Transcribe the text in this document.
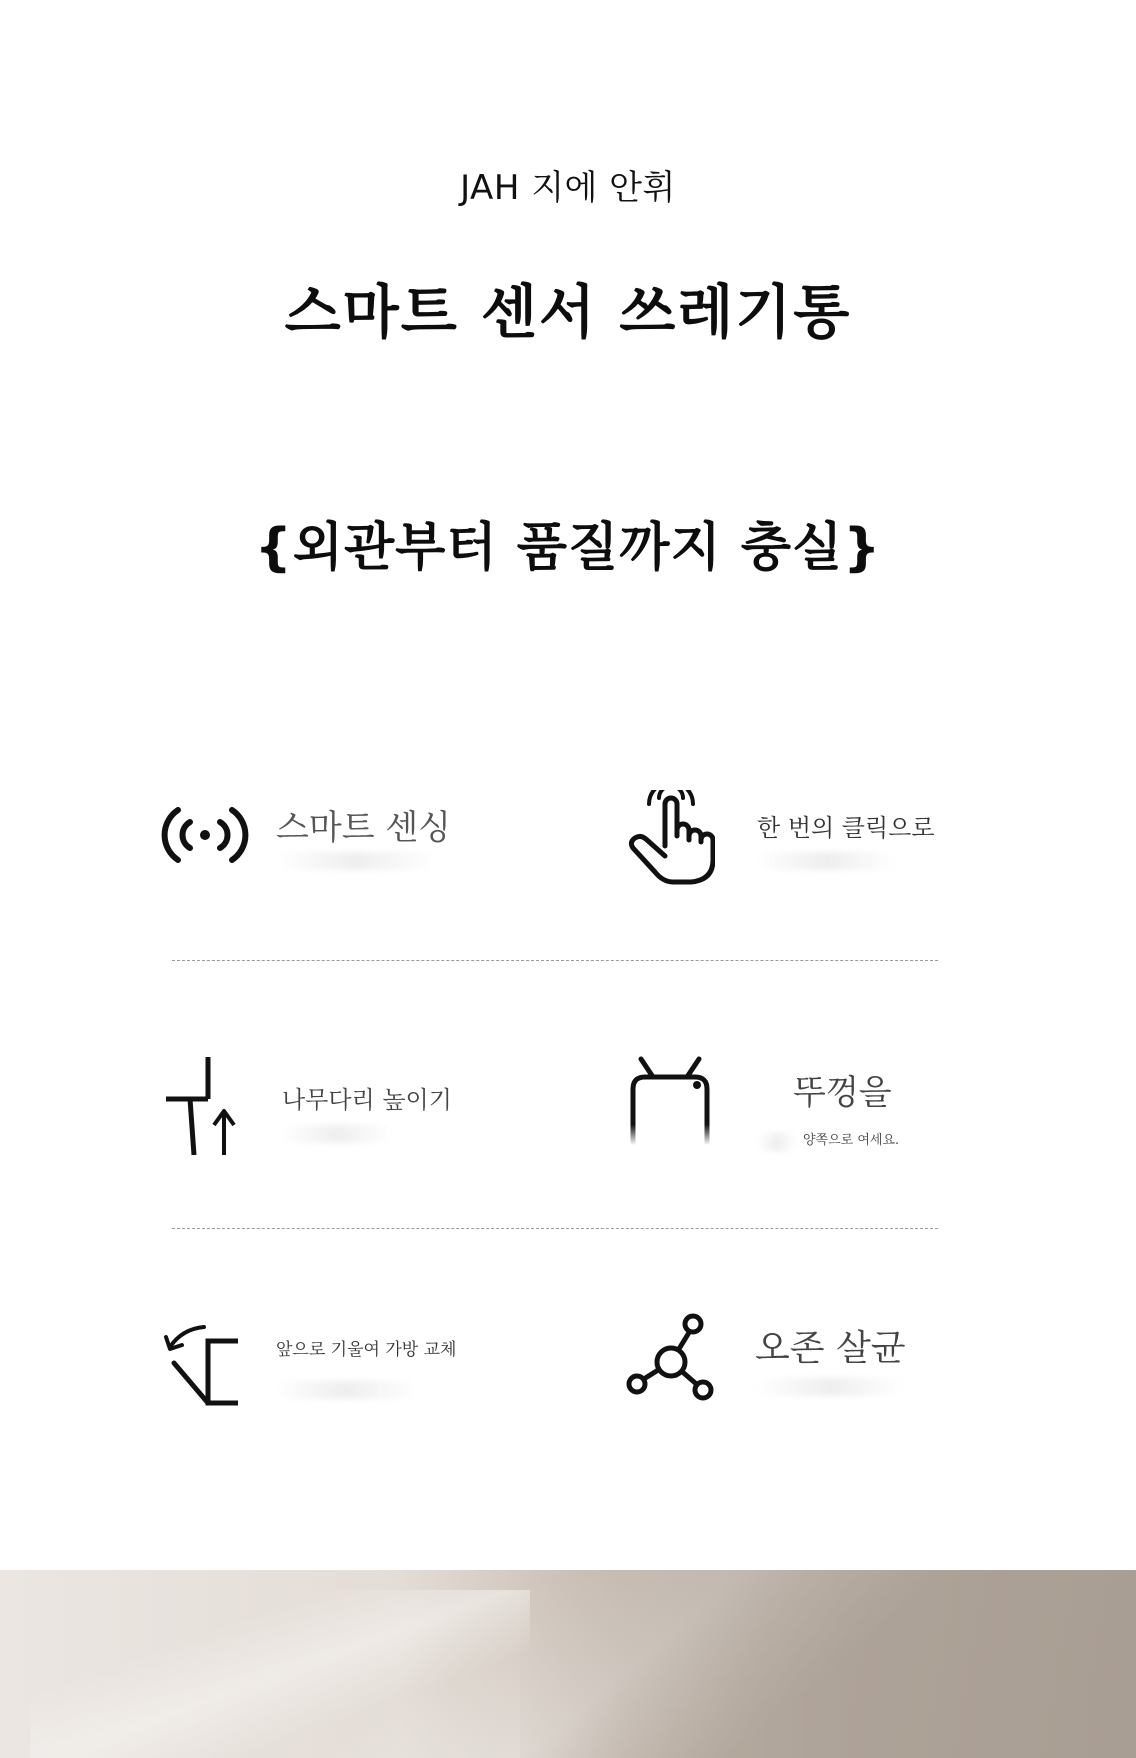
JAH 지에 안휘
스마트 센서 쓰레기통
{외관부터 품질까지 충실}
스마트 센싱	한 번의 클릭으로
나무다리 높이기	뚜껑을
양쪽으로 여세요.
앞으로 기울여 가방 교체	오존 살균
